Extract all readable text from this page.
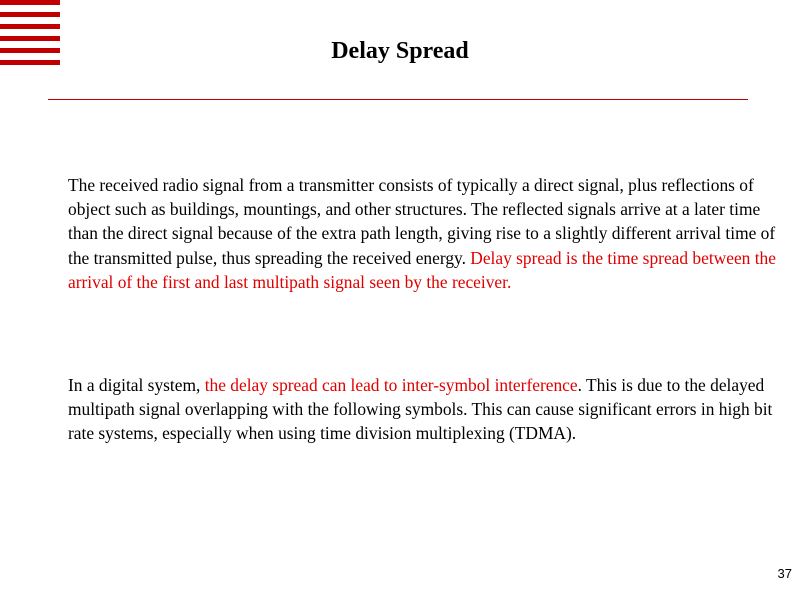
Delay Spread

The received radio signal from a transmitter consists of typically a direct signal, plus reflections of object such as buildings, mountings, and other structures. The reflected signals arrive at a later time than the direct signal because of the extra path length, giving rise to a slightly different arrival time of the transmitted pulse, thus spreading the received energy. Delay spread is the time spread between the arrival of the first and last multipath signal seen by the receiver.

In a digital system, the delay spread can lead to inter-symbol interference. This is due to the delayed multipath signal overlapping with the following symbols. This can cause significant errors in high bit rate systems, especially when using time division multiplexing (TDMA).

37
